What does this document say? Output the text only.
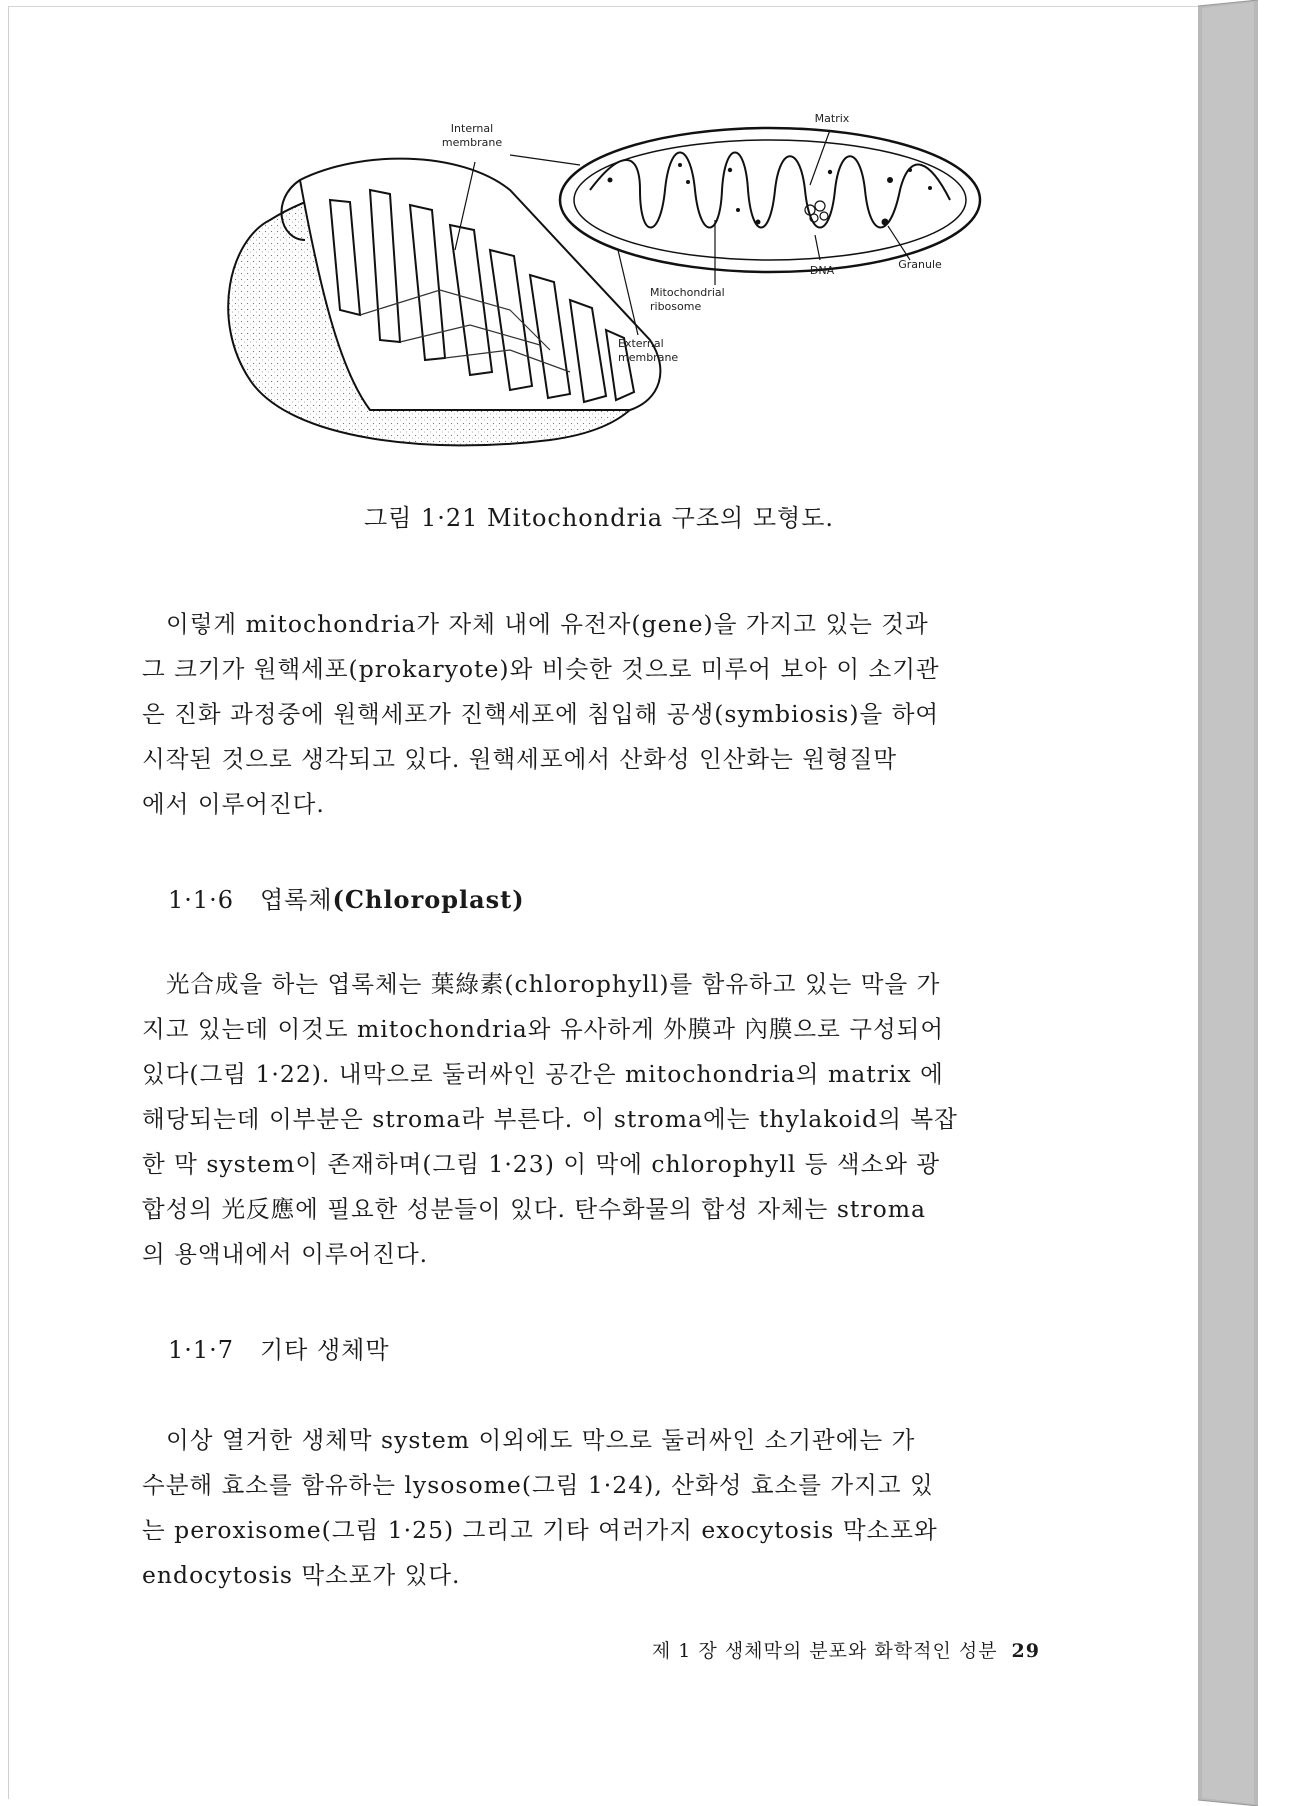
Internal
membrane
Matrix
DNA	Granule
Mitochondrial
ribosome
External
membrane
그림 1·21 Mitochondria 구조의 모형도.
이렇게 mitochondria가 자체 내에 유전자(gene)을 가지고 있는 것과
그 크기가 원핵세포(prokaryote)와 비슷한 것으로 미루어 보아 이 소기관
은 진화 과정중에 원핵세포가 진핵세포에 침입해 공생(symbiosis)을 하여
시작된 것으로 생각되고 있다. 원핵세포에서 산화성 인산화는 원형질막
에서 이루어진다.
1·1·6 엽록체(Chloroplast)
光合成을 하는 엽록체는 葉綠素(chlorophyll)를 함유하고 있는 막을 가
지고 있는데 이것도 mitochondria와 유사하게 外膜과 內膜으로 구성되어
있다(그림 1·22). 내막으로 둘러싸인 공간은 mitochondria의 matrix 에
해당되는데 이부분은 stroma라 부른다. 이 stroma에는 thylakoid의 복잡
한 막 system이 존재하며(그림 1·23) 이 막에 chlorophyll 등 색소와 광
합성의 光反應에 필요한 성분들이 있다. 탄수화물의 합성 자체는 stroma
의 용액내에서 이루어진다.
1·1·7 기타 생체막
이상 열거한 생체막 system 이외에도 막으로 둘러싸인 소기관에는 가
수분해 효소를 함유하는 lysosome(그림 1·24), 산화성 효소를 가지고 있
는 peroxisome(그림 1·25) 그리고 기타 여러가지 exocytosis 막소포와
endocytosis 막소포가 있다.
제 1 장 생체막의 분포와 화학적인 성분 29
